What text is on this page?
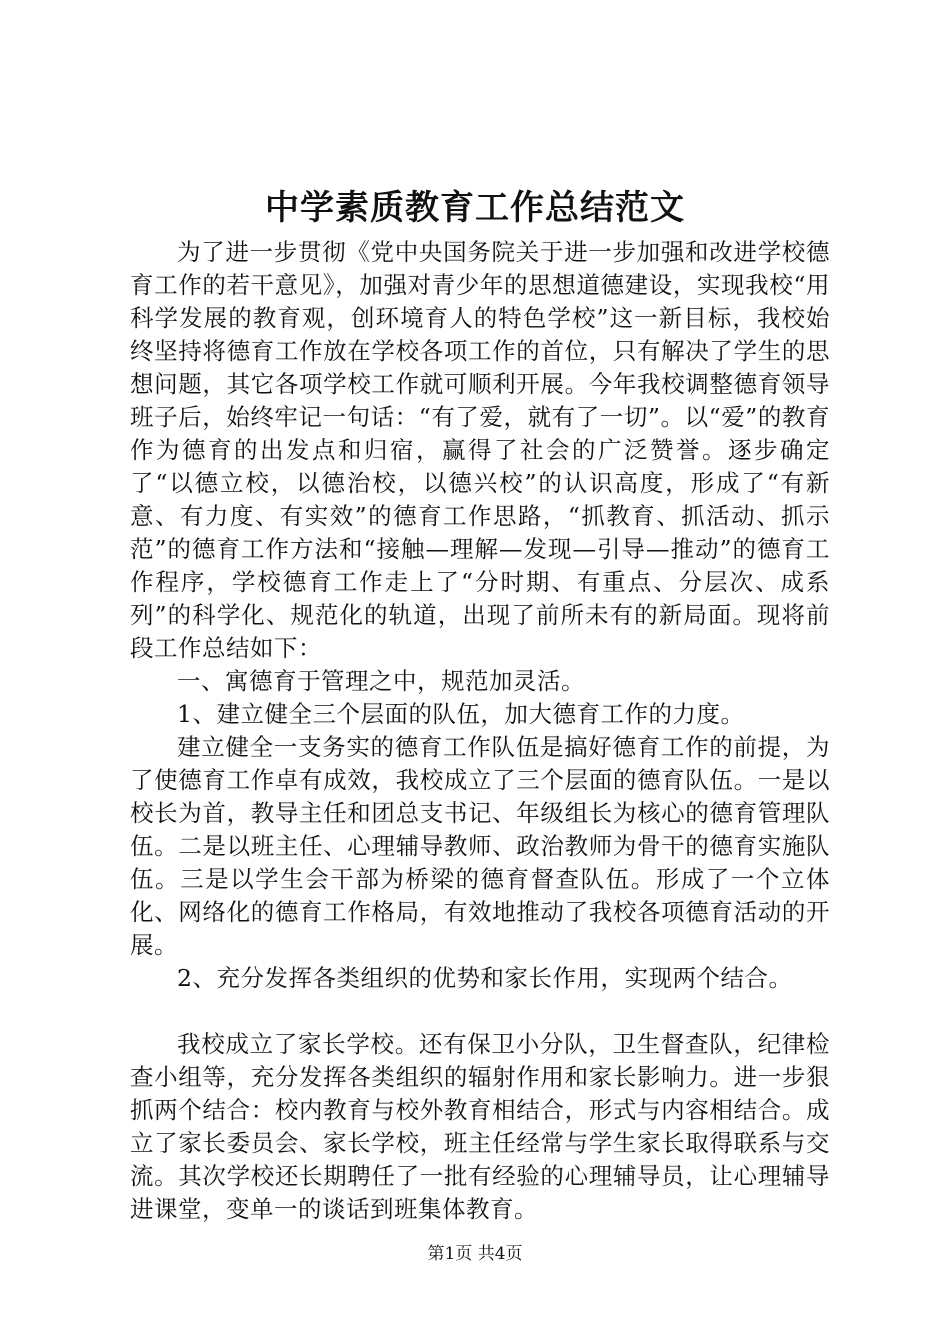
中学素质教育工作总结范文

为了进一步贯彻《党中央国务院关于进一步加强和改进学校德育工作的若干意见》，加强对青少年的思想道德建设，实现我校“用科学发展的教育观，创环境育人的特色学校”这一新目标，我校始终坚持将德育工作放在学校各项工作的首位，只有解决了学生的思想问题，其它各项学校工作就可顺利开展。今年我校调整德育领导班子后，始终牢记一句话：“有了爱，就有了一切”。以“爱”的教育作为德育的出发点和归宿，赢得了社会的广泛赞誉。逐步确定了“以德立校，以德治校，以德兴校”的认识高度，形成了“有新意、有力度、有实效”的德育工作思路，“抓教育、抓活动、抓示范”的德育工作方法和“接触—理解—发现—引导—推动”的德育工作程序，学校德育工作走上了“分时期、有重点、分层次、成系列”的科学化、规范化的轨道，出现了前所未有的新局面。现将前段工作总结如下：

一、寓德育于管理之中，规范加灵活。

1、建立健全三个层面的队伍，加大德育工作的力度。

建立健全一支务实的德育工作队伍是搞好德育工作的前提，为了使德育工作卓有成效，我校成立了三个层面的德育队伍。一是以校长为首，教导主任和团总支书记、年级组长为核心的德育管理队伍。二是以班主任、心理辅导教师、政治教师为骨干的德育实施队伍。三是以学生会干部为桥梁的德育督查队伍。形成了一个立体化、网络化的德育工作格局，有效地推动了我校各项德育活动的开展。

2、充分发挥各类组织的优势和家长作用，实现两个结合。

我校成立了家长学校。还有保卫小分队，卫生督查队，纪律检查小组等，充分发挥各类组织的辐射作用和家长影响力。进一步狠抓两个结合：校内教育与校外教育相结合，形式与内容相结合。成立了家长委员会、家长学校，班主任经常与学生家长取得联系与交流。其次学校还长期聘任了一批有经验的心理辅导员，让心理辅导进课堂，变单一的谈话到班集体教育。

第1页 共4页
